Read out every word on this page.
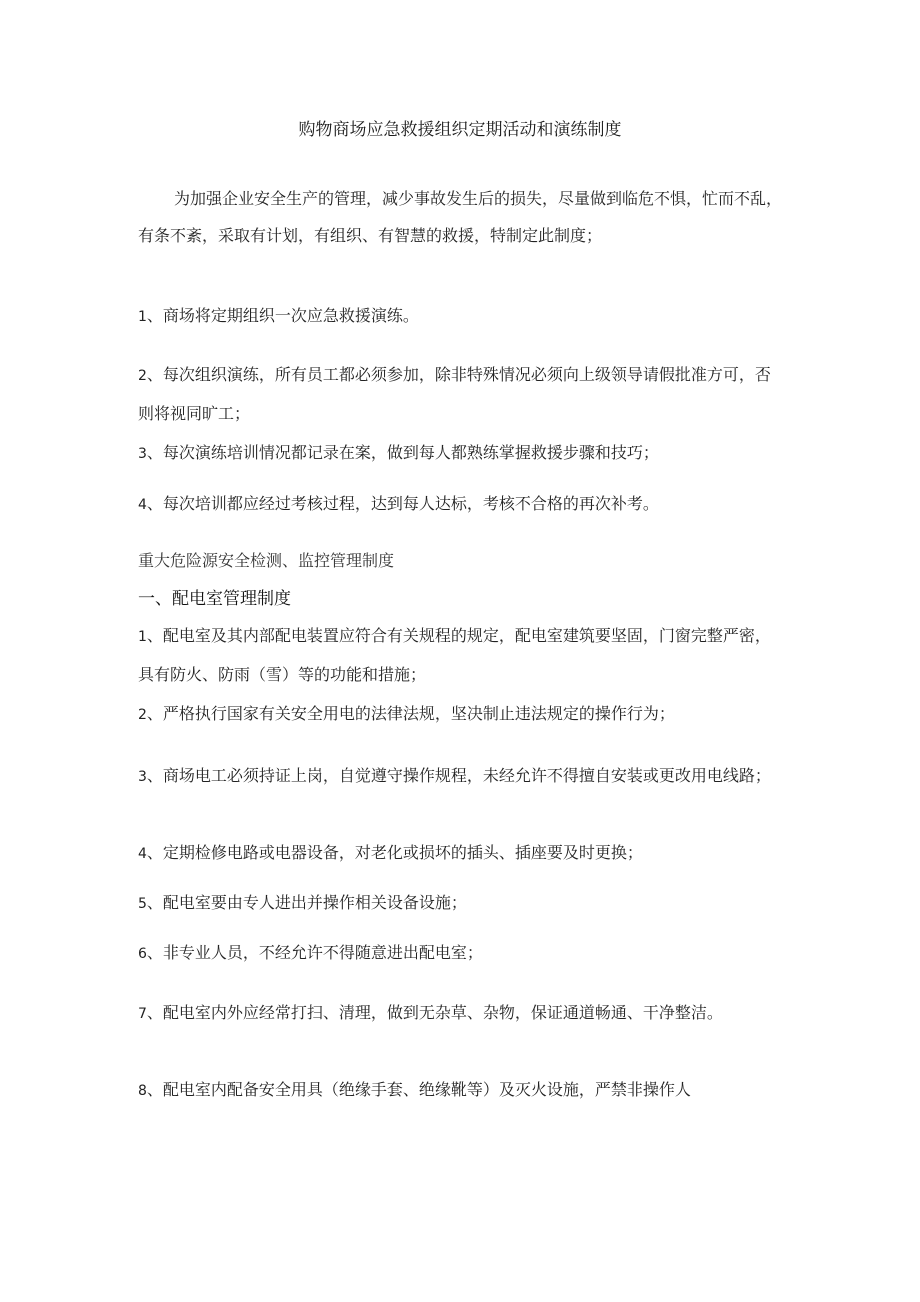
购物商场应急救援组织定期活动和演练制度
为加强企业安全生产的管理，减少事故发生后的损失，尽量做到临危不惧，忙而不乱，有条不紊，采取有计划，有组织、有智慧的救援，特制定此制度；
1、商场将定期组织一次应急救援演练。
2、每次组织演练，所有员工都必须参加，除非特殊情况必须向上级领导请假批准方可，否则将视同旷工；
3、每次演练培训情况都记录在案，做到每人都熟练掌握救援步骤和技巧；
4、每次培训都应经过考核过程，达到每人达标，考核不合格的再次补考。
重大危险源安全检测、监控管理制度
一、配电室管理制度
1、配电室及其内部配电装置应符合有关规程的规定，配电室建筑要坚固，门窗完整严密，具有防火、防雨（雪）等的功能和措施；
2、严格执行国家有关安全用电的法律法规，坚决制止违法规定的操作行为；
3、商场电工必须持证上岗，自觉遵守操作规程，未经允许不得擅自安装或更改用电线路；
4、定期检修电路或电器设备，对老化或损坏的插头、插座要及时更换；
5、配电室要由专人进出并操作相关设备设施；
6、非专业人员，不经允许不得随意进出配电室；
7、配电室内外应经常打扫、清理，做到无杂草、杂物，保证通道畅通、干净整洁。
8、配电室内配备安全用具（绝缘手套、绝缘靴等）及灭火设施，严禁非操作人
